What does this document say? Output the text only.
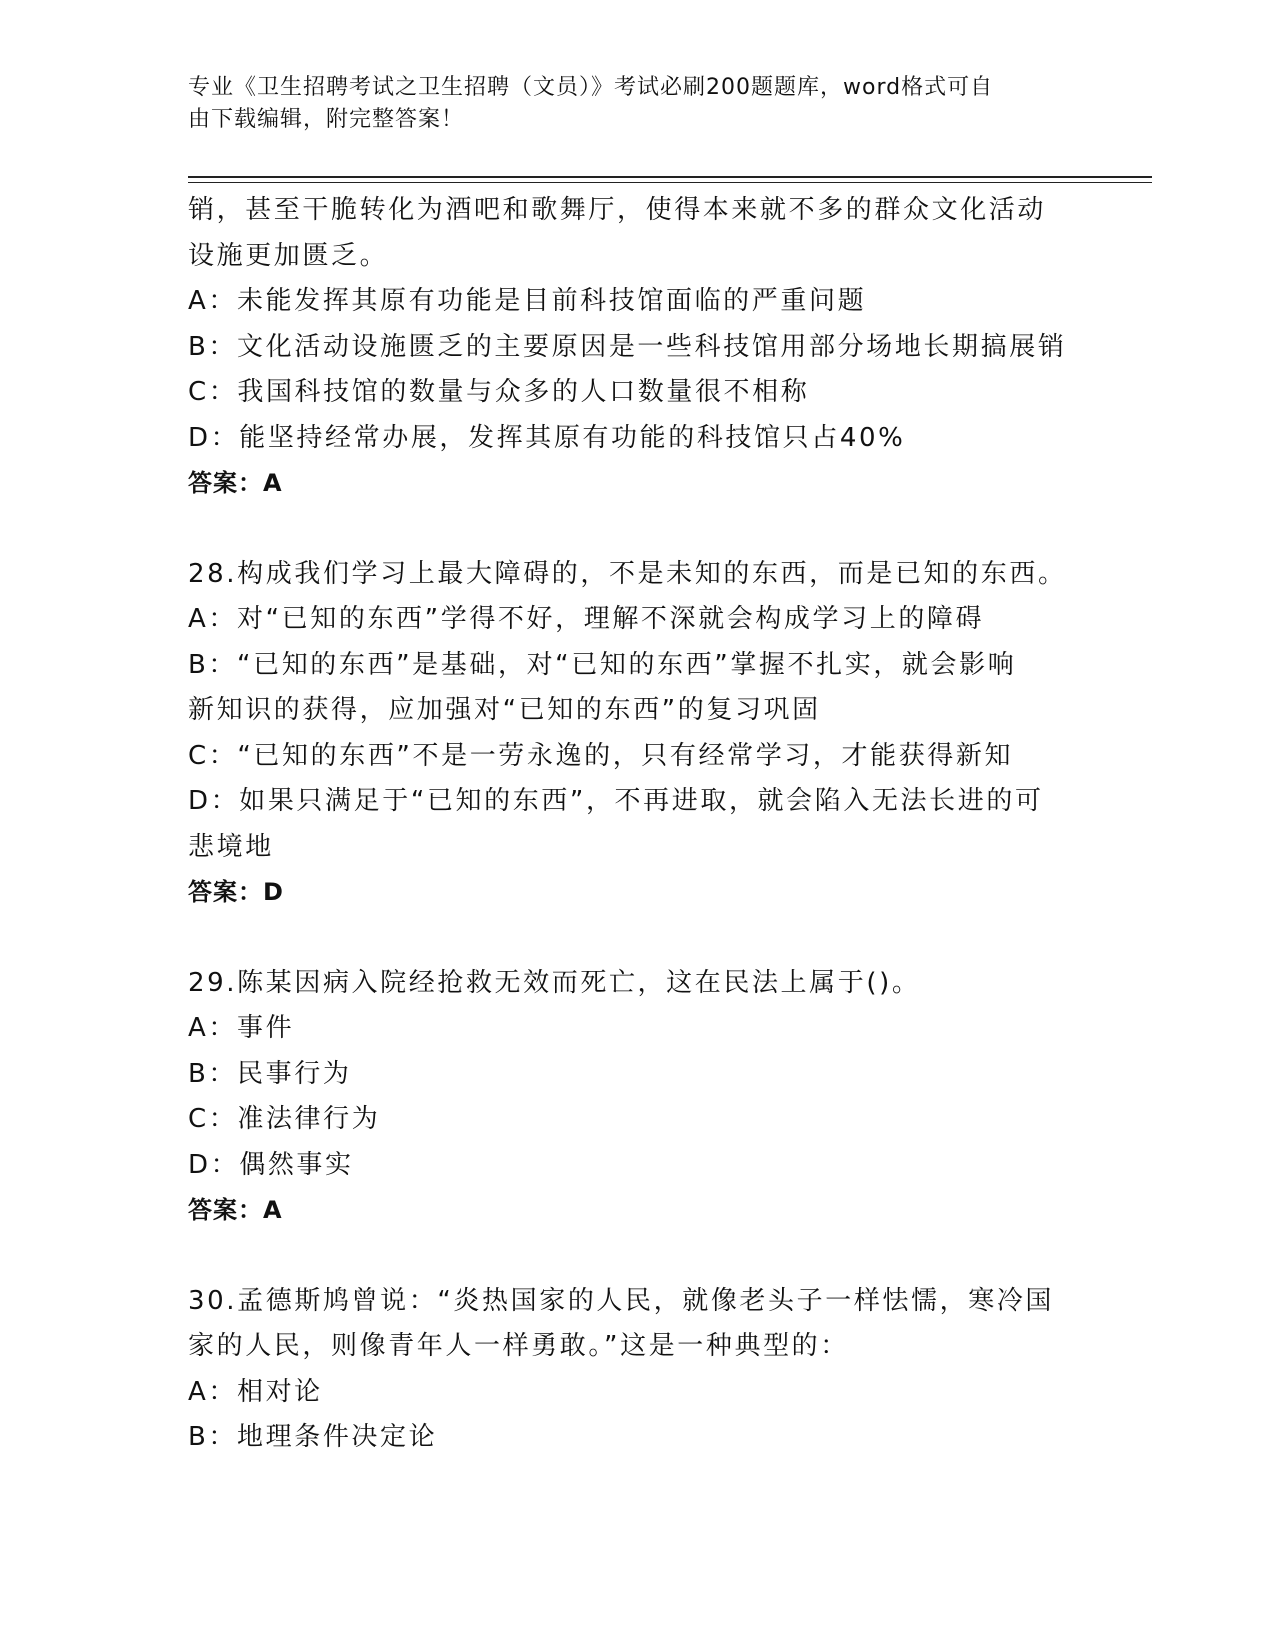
专业《卫生招聘考试之卫生招聘（文员）》考试必刷200题题库，word格式可自
由下载编辑，附完整答案！
销，甚至干脆转化为酒吧和歌舞厅，使得本来就不多的群众文化活动
设施更加匮乏。
A：未能发挥其原有功能是目前科技馆面临的严重问题
B：文化活动设施匮乏的主要原因是一些科技馆用部分场地长期搞展销
C：我国科技馆的数量与众多的人口数量很不相称
D：能坚持经常办展，发挥其原有功能的科技馆只占40%
答案：A
28.构成我们学习上最大障碍的，不是未知的东西，而是已知的东西。
A：对“已知的东西”学得不好，理解不深就会构成学习上的障碍
B：“已知的东西”是基础，对“已知的东西”掌握不扎实，就会影响
新知识的获得，应加强对“已知的东西”的复习巩固
C：“已知的东西”不是一劳永逸的，只有经常学习，才能获得新知
D：如果只满足于“已知的东西”，不再进取，就会陷入无法长进的可
悲境地
答案：D
29.陈某因病入院经抢救无效而死亡，这在民法上属于()。
A：事件
B：民事行为
C：准法律行为
D：偶然事实
答案：A
30.孟德斯鸠曾说：“炎热国家的人民，就像老头子一样怯懦，寒冷国
家的人民，则像青年人一样勇敢。”这是一种典型的：
A：相对论
B：地理条件决定论
